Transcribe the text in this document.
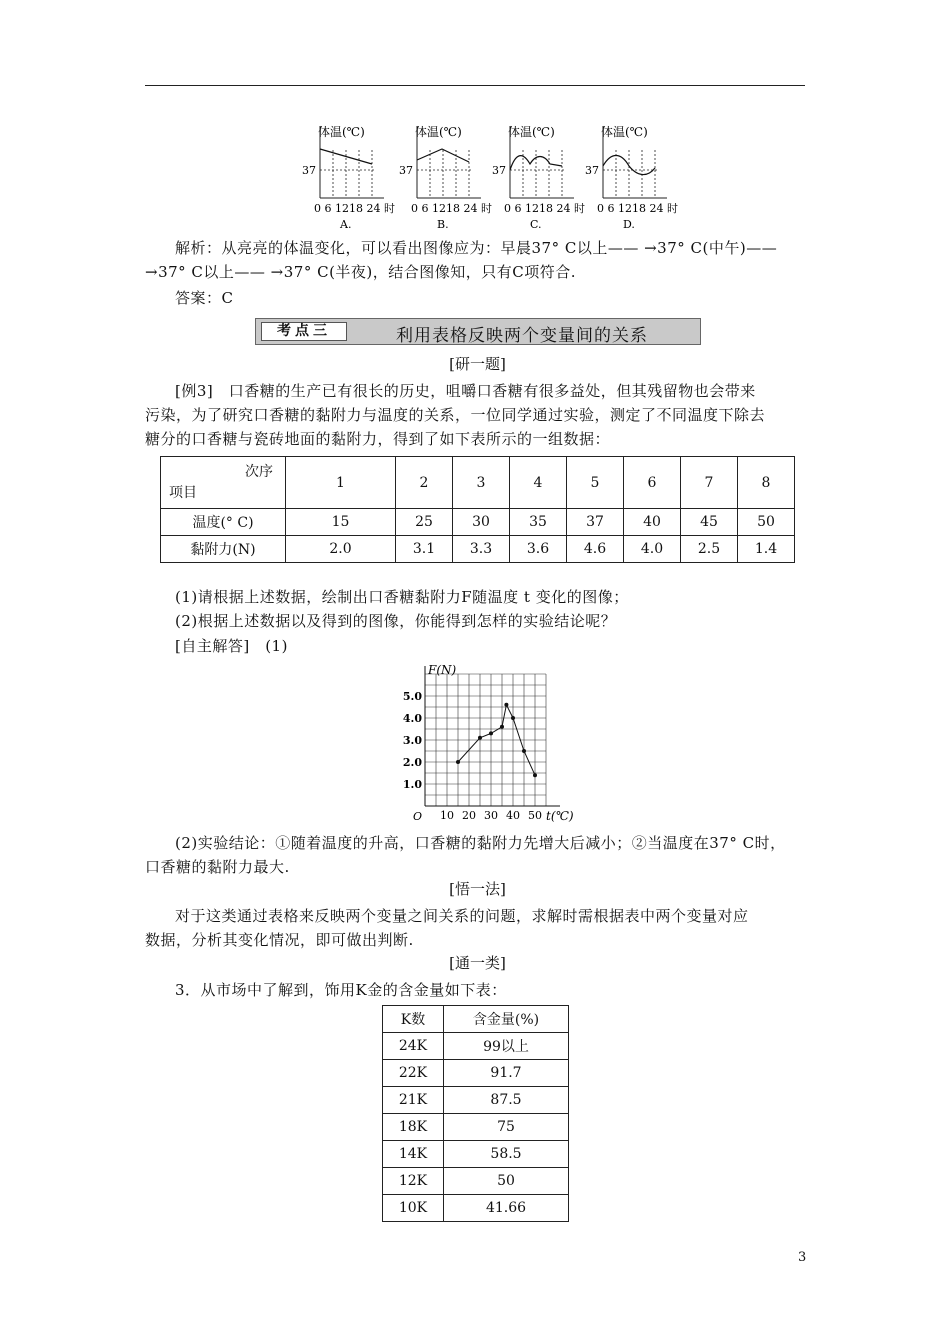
体温(℃)
37
0 6 1218 24 时
A.
体温(℃)
37
0 6 1218 24 时
B.
体温(℃)
37
0 6 1218 24 时
C.
体温(℃)
37
0 6 1218 24 时
D.
解析：从亮亮的体温变化，可以看出图像应为：早晨37° C以上—— →37° C(中午)——
→37° C以上—— →37° C(半夜)，结合图像知，只有C项符合.
答案：C
考点三	利用表格反映两个变量间的关系
[研一题]
[例3]　口香糖的生产已有很长的历史，咀嚼口香糖有很多益处，但其残留物也会带来
污染，为了研究口香糖的黏附力与温度的关系，一位同学通过实验，测定了不同温度下除去
糖分的口香糖与瓷砖地面的黏附力，得到了如下表所示的一组数据：
次序
项目	1	2	3	4	5	6	7	8
温度(° C)	15	25	30	35	37	40	45	50
黏附力(N)	2.0	3.1	3.3	3.6	4.6	4.0	2.5	1.4
(1)请根据上述数据，绘制出口香糖黏附力F随温度 t 变化的图像；
(2)根据上述数据以及得到的图像，你能得到怎样的实验结论呢？
[自主解答]　(1)
1.0
2.0
3.0
4.0
5.0
10 20 30 40 50
F(N)
t(℃)
O
(2)实验结论：①随着温度的升高，口香糖的黏附力先增大后减小；②当温度在37° C时，
口香糖的黏附力最大.
[悟一法]
对于这类通过表格来反映两个变量之间关系的问题，求解时需根据表中两个变量对应
数据，分析其变化情况，即可做出判断.
[通一类]
3．从市场中了解到，饰用K金的含金量如下表：
K数	含金量(%)
24K	99以上
22K	91.7
21K	87.5
18K	75
14K	58.5
12K	50
10K	41.66
3
